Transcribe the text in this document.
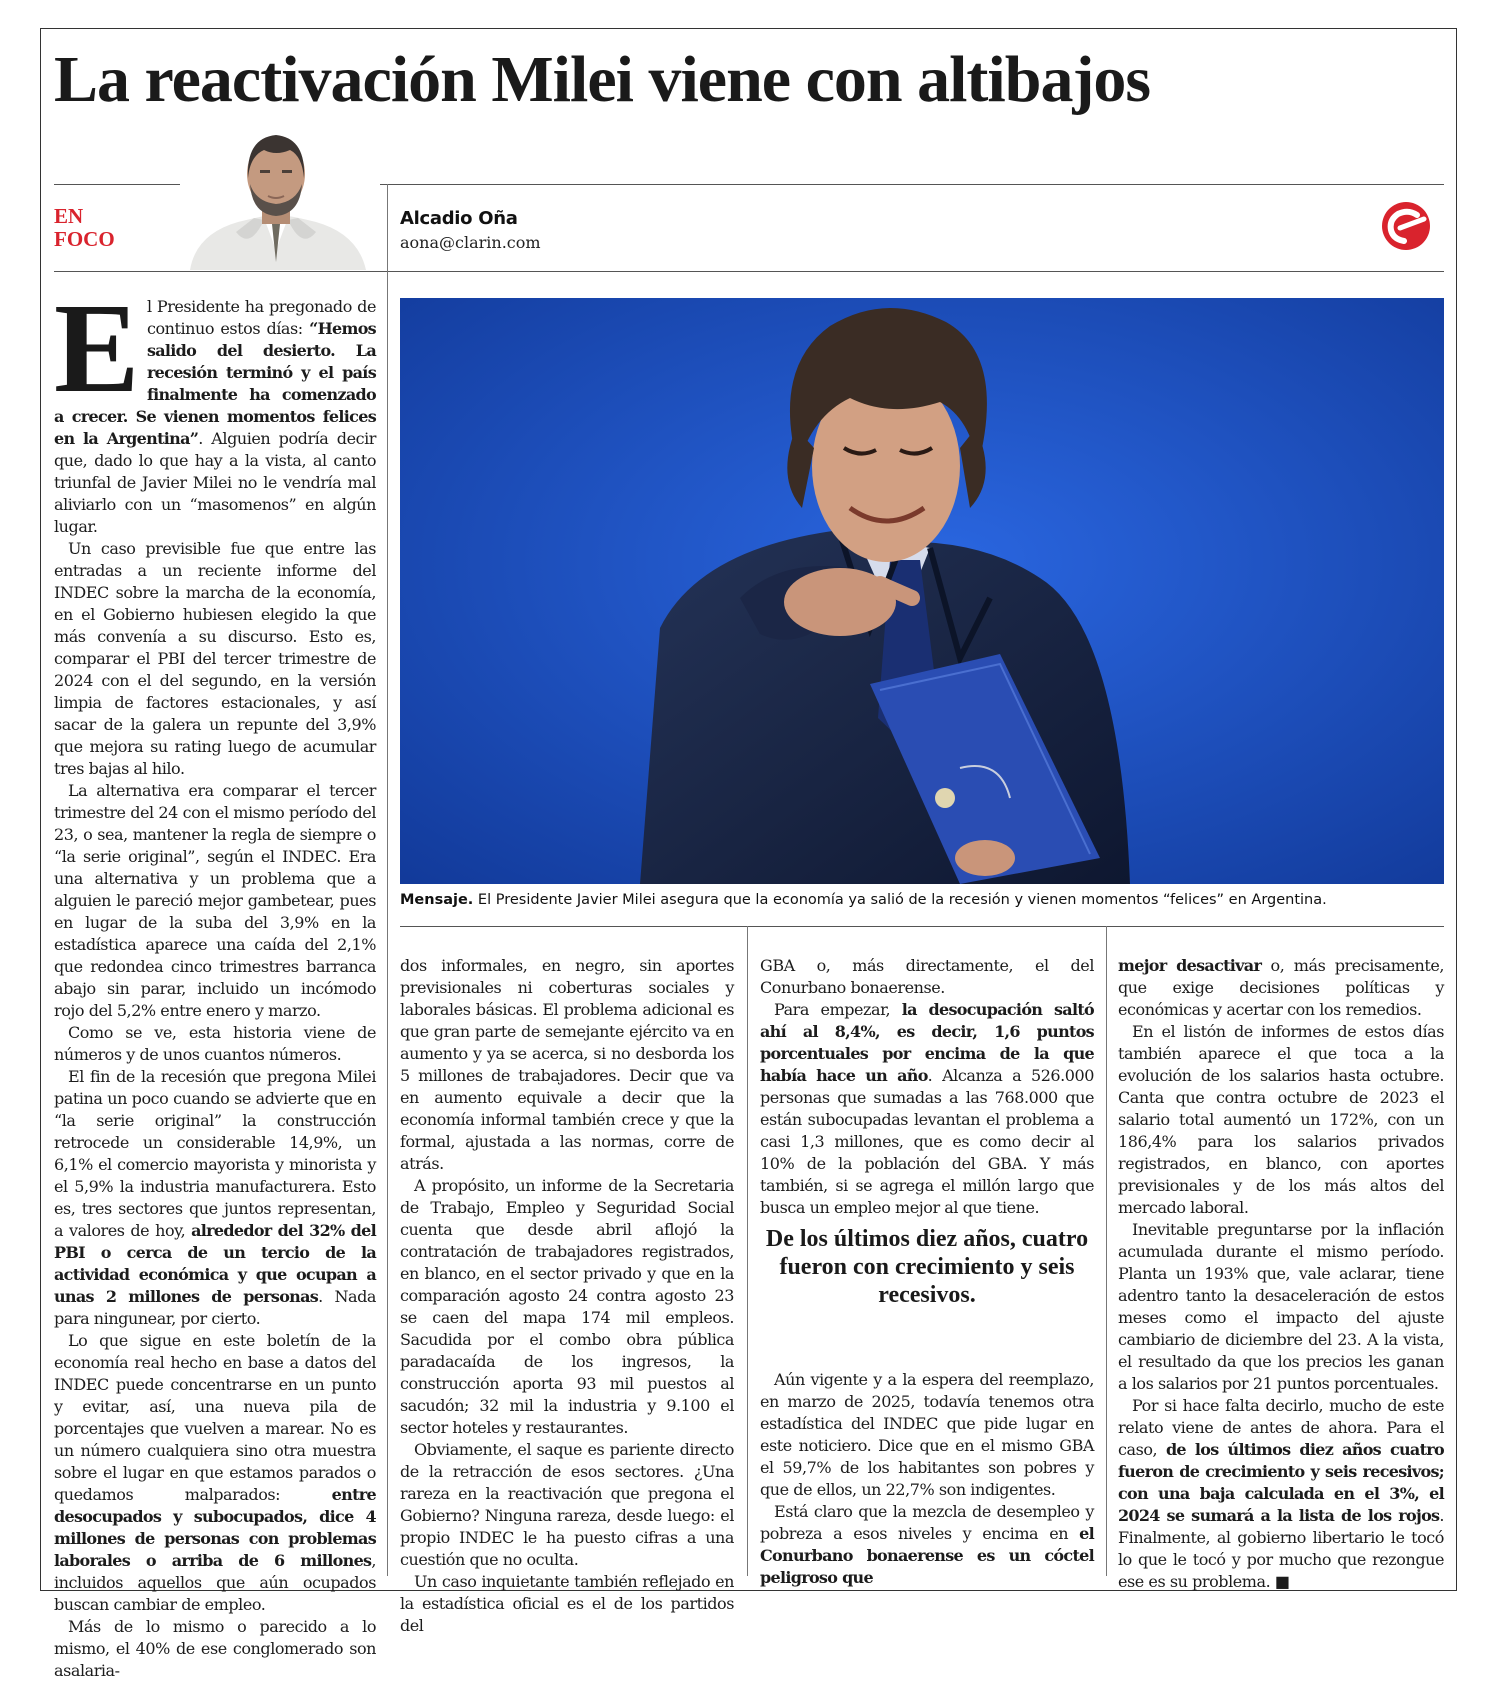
La reactivación Milei viene con altibajos
EN
FOCO
Alcadio Oña
aona@clarin.com
Mensaje. El Presidente Javier Milei asegura que la economía ya salió de la recesión y vienen momentos “felices” en Argentina.

El Presidente ha pregonado de continuo estos días: “Hemos salido del desierto. La recesión terminó y el país finalmente ha comenzado a crecer. Se vienen momentos felices en la Argentina”. Alguien podría decir que, dado lo que hay a la vista, al canto triunfal de Javier Milei no le vendría mal aliviarlo con un “masomenos” en algún lugar.

Un caso previsible fue que entre las entradas a un reciente informe del INDEC sobre la marcha de la economía, en el Gobierno hubiesen elegido la que más convenía a su discurso. Esto es, comparar el PBI del tercer trimestre de 2024 con el del segundo, en la versión limpia de factores estacionales, y así sacar de la galera un repunte del 3,9% que mejora su rating luego de acumular tres bajas al hilo.

La alternativa era comparar el tercer trimestre del 24 con el mismo período del 23, o sea, mantener la regla de siempre o “la serie original”, según el INDEC. Era una alternativa y un problema que a alguien le pareció mejor gambetear, pues en lugar de la suba del 3,9% en la estadística aparece una caída del 2,1% que redondea cinco trimestres barranca abajo sin parar, incluido un incómodo rojo del 5,2% entre enero y marzo.

Como se ve, esta historia viene de números y de unos cuantos números.

El fin de la recesión que pregona Milei patina un poco cuando se advierte que en “la serie original” la construcción retrocede un considerable 14,9%, un 6,1% el comercio mayorista y minorista y el 5,9% la industria manufacturera. Esto es, tres sectores que juntos representan, a valores de hoy, alrededor del 32% del PBI o cerca de un tercio de la actividad económica y que ocupan a unas 2 millones de personas. Nada para ningunear, por cierto.

Lo que sigue en este boletín de la economía real hecho en base a datos del INDEC puede concentrarse en un punto y evitar, así, una nueva pila de porcentajes que vuelven a marear. No es un número cualquiera sino otra muestra sobre el lugar en que estamos parados o quedamos malparados: entre desocupados y subocupados, dice 4 millones de personas con problemas laborales o arriba de 6 millones, incluidos aquellos que aún ocupados buscan cambiar de empleo.

Más de lo mismo o parecido a lo mismo, el 40% de ese conglomerado son asalaria-

dos informales, en negro, sin aportes previsionales ni coberturas sociales y laborales básicas. El problema adicional es que gran parte de semejante ejército va en aumento y ya se acerca, si no desborda los 5 millones de trabajadores. Decir que va en aumento equivale a decir que la economía informal también crece y que la formal, ajustada a las normas, corre de atrás.

A propósito, un informe de la Secretaria de Trabajo, Empleo y Seguridad Social cuenta que desde abril aflojó la contratación de trabajadores registrados, en blanco, en el sector privado y que en la comparación agosto 24 contra agosto 23 se caen del mapa 174 mil empleos. Sacudida por el combo obra pública paradacaída de los ingresos, la construcción aporta 93 mil puestos al sacudón; 32 mil la industria y 9.100 el sector hoteles y restaurantes.

Obviamente, el saque es pariente directo de la retracción de esos sectores. ¿Una rareza en la reactivación que pregona el Gobierno? Ninguna rareza, desde luego: el propio INDEC le ha puesto cifras a una cuestión que no oculta.

Un caso inquietante también reflejado en la estadística oficial es el de los partidos del

GBA o, más directamente, el del Conurbano bonaerense.

Para empezar, la desocupación saltó ahí al 8,4%, es decir, 1,6 puntos porcentuales por encima de la que había hace un año. Alcanza a 526.000 personas que sumadas a las 768.000 que están subocupadas levantan el problema a casi 1,3 millones, que es como decir al 10% de la población del GBA. Y más también, si se agrega el millón largo que busca un empleo mejor al que tiene.

Aún vigente y a la espera del reemplazo, en marzo de 2025, todavía tenemos otra estadística del INDEC que pide lugar en este noticiero. Dice que en el mismo GBA el 59,7% de los habitantes son pobres y que de ellos, un 22,7% son indigentes.

Está claro que la mezcla de desempleo y pobreza a esos niveles y encima en el Conurbano bonaerense es un cóctel peligroso que

De los últimos diez años, cuatro fueron con crecimiento y seis recesivos.

mejor desactivar o, más precisamente, que exige decisiones políticas y económicas y acertar con los remedios.

En el listón de informes de estos días también aparece el que toca a la evolución de los salarios hasta octubre. Canta que contra octubre de 2023 el salario total aumentó un 172%, con un 186,4% para los salarios privados registrados, en blanco, con aportes previsionales y de los más altos del mercado laboral.

Inevitable preguntarse por la inflación acumulada durante el mismo período. Planta un 193% que, vale aclarar, tiene adentro tanto la desaceleración de estos meses como el impacto del ajuste cambiario de diciembre del 23. A la vista, el resultado da que los precios les ganan a los salarios por 21 puntos porcentuales.

Por si hace falta decirlo, mucho de este relato viene de antes de ahora. Para el caso, de los últimos diez años cuatro fueron de crecimiento y seis recesivos; con una baja calculada en el 3%, el 2024 se sumará a la lista de los rojos. Finalmente, al gobierno libertario le tocó lo que le tocó y por mucho que rezongue ese es su problema. ■
